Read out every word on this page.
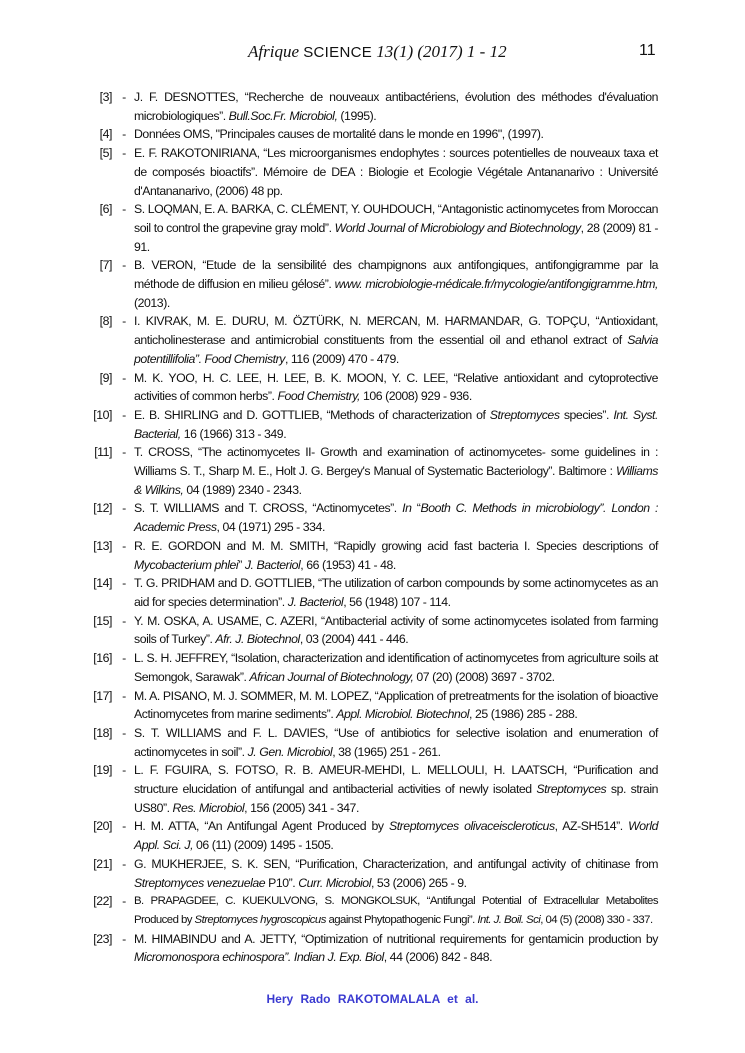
Afrique SCIENCE 13(1) (2017) 1 - 12	11
[3] - J. F. DESNOTTES, “Recherche de nouveaux antibactériens, évolution des méthodes d'évaluation microbiologiques”. Bull.Soc.Fr. Microbiol, (1995).
[4] - Données OMS, "Principales causes de mortalité dans le monde en 1996", (1997).
[5] - E. F. RAKOTONIRIANA, “Les microorganismes endophytes : sources potentielles de nouveaux taxa et de composés bioactifs”. Mémoire de DEA : Biologie et Ecologie Végétale Antananarivo : Université d'Antananarivo, (2006) 48 pp.
[6] - S. LOQMAN, E. A. BARKA, C. CLÉMENT, Y. OUHDOUCH, “Antagonistic actinomycetes from Moroccan soil to control the grapevine gray mold”. World Journal of Microbiology and Biotechnology, 28 (2009) 81 - 91.
[7] - B. VERON, “Etude de la sensibilité des champignons aux antifongiques, antifongigramme par la méthode de diffusion en milieu gélosé”. www. microbiologie-médicale.fr/mycologie/antifongigramme.htm, (2013).
[8] - I. KIVRAK, M. E. DURU, M. ÖZTÜRK, N. MERCAN, M. HARMANDAR, G. TOPÇU, “Antioxidant, anticholinesterase and antimicrobial constituents from the essential oil and ethanol extract of Salvia potentillifolia”. Food Chemistry, 116 (2009) 470 - 479.
[9] - M. K. YOO, H. C. LEE, H. LEE, B. K. MOON, Y. C. LEE, “Relative antioxidant and cytoprotective activities of common herbs”. Food Chemistry, 106 (2008) 929 - 936.
[10] - E. B. SHIRLING and D. GOTTLIEB, “Methods of characterization of Streptomyces species”. Int. Syst. Bacterial, 16 (1966) 313 - 349.
[11] - T. CROSS, “The actinomycetes II- Growth and examination of actinomycetes- some guidelines in : Williams S. T., Sharp M. E., Holt J. G. Bergey's Manual of Systematic Bacteriology”. Baltimore : Williams & Wilkins, 04 (1989) 2340 - 2343.
[12] - S. T. WILLIAMS and T. CROSS, “Actinomycetes”. In “Booth C. Methods in microbiology”. London : Academic Press, 04 (1971) 295 - 334.
[13] - R. E. GORDON and M. M. SMITH, “Rapidly growing acid fast bacteria I. Species descriptions of Mycobacterium phlei” J. Bacteriol, 66 (1953) 41 - 48.
[14] - T. G. PRIDHAM and D. GOTTLIEB, “The utilization of carbon compounds by some actinomycetes as an aid for species determination”. J. Bacteriol, 56 (1948) 107 - 114.
[15] - Y. M. OSKA, A. USAME, C. AZERI, “Antibacterial activity of some actinomycetes isolated from farming soils of Turkey”. Afr. J. Biotechnol, 03 (2004) 441 - 446.
[16] - L. S. H. JEFFREY, “Isolation, characterization and identification of actinomycetes from agriculture soils at Semongok, Sarawak”. African Journal of Biotechnology, 07 (20) (2008) 3697 - 3702.
[17] - M. A. PISANO, M. J. SOMMER, M. M. LOPEZ, “Application of pretreatments for the isolation of bioactive Actinomycetes from marine sediments”. Appl. Microbiol. Biotechnol, 25 (1986) 285 - 288.
[18] - S. T. WILLIAMS and F. L. DAVIES, “Use of antibiotics for selective isolation and enumeration of actinomycetes in soil”. J. Gen. Microbiol, 38 (1965) 251 - 261.
[19] - L. F. FGUIRA, S. FOTSO, R. B. AMEUR-MEHDI, L. MELLOULI, H. LAATSCH, “Purification and structure elucidation of antifungal and antibacterial activities of newly isolated Streptomyces sp. strain US80”. Res. Microbiol, 156 (2005) 341 - 347.
[20] - H. M. ATTA, “An Antifungal Agent Produced by Streptomyces olivaceiscleroticus, AZ-SH514”. World Appl. Sci. J, 06 (11) (2009) 1495 - 1505.
[21] - G. MUKHERJEE, S. K. SEN, “Purification, Characterization, and antifungal activity of chitinase from Streptomyces venezuelae P10”. Curr. Microbiol, 53 (2006) 265 - 9.
[22] - B. PRAPAGDEE, C. KUEKULVONG, S. MONGKOLSUK, “Antifungal Potential of Extracellular Metabolites Produced by Streptomyces hygroscopicus against Phytopathogenic Fungi”. Int. J. Boil. Sci, 04 (5) (2008) 330 - 337.
[23] - M. HIMABINDU and A. JETTY, “Optimization of nutritional requirements for gentamicin production by Micromonospora echinospora”. Indian J. Exp. Biol, 44 (2006) 842 - 848.
Hery Rado RAKOTOMALALA et al.
